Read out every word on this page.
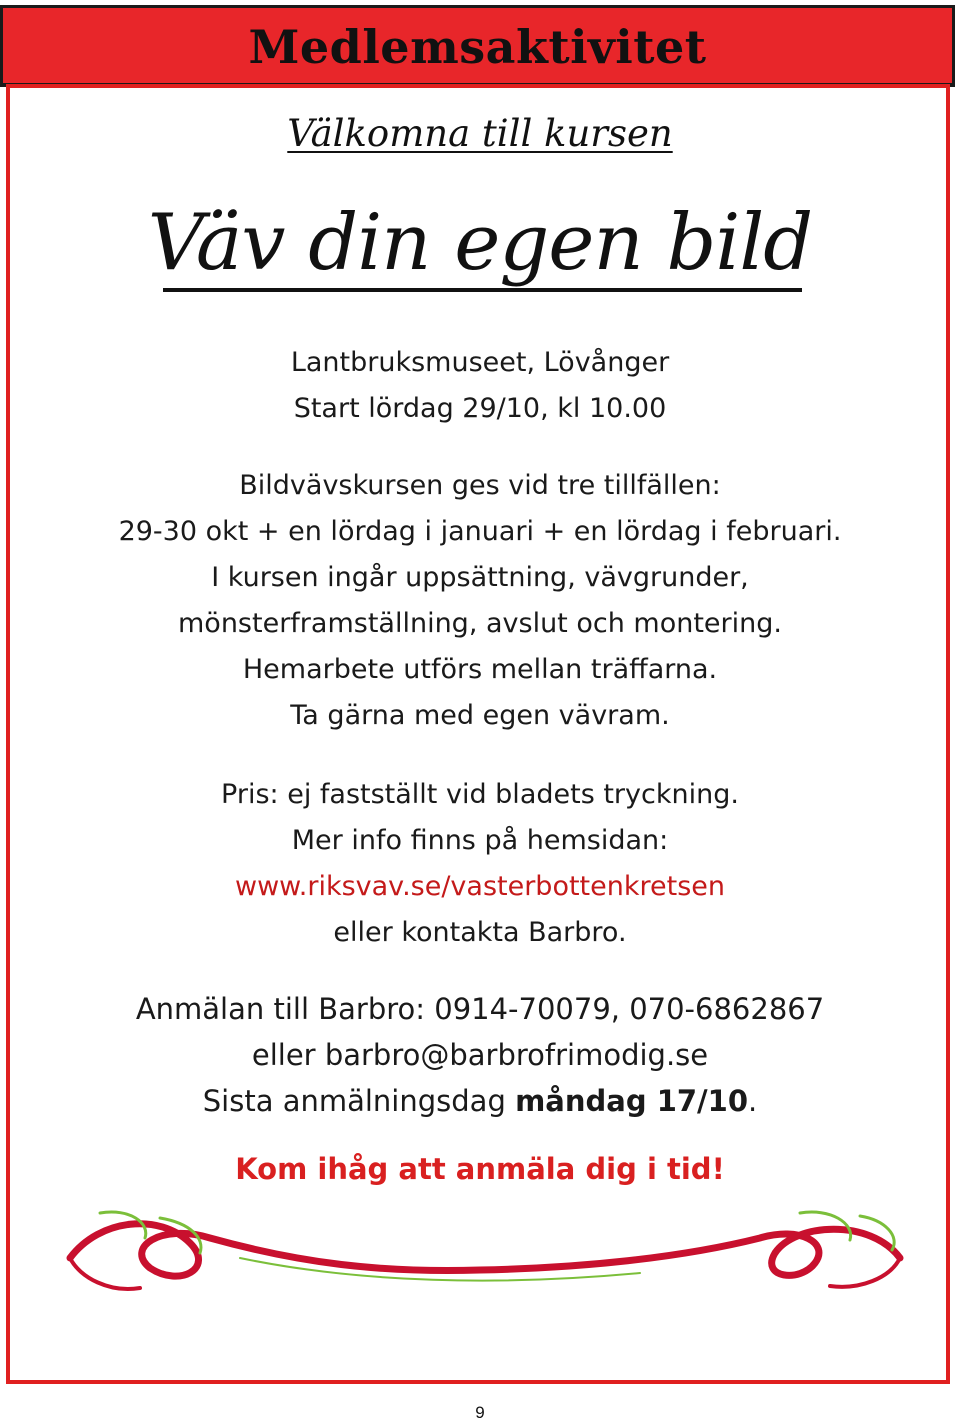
Medlemsaktivitet
Välkomna till kursen
Väv din egen bild

Lantbruksmuseet, Lövånger

Start lördag 29/10, kl 10.00

Bildvävskursen ges vid tre tillfällen:

29-30 okt + en lördag i januari + en lördag i februari.

I kursen ingår uppsättning, vävgrunder,

mönsterframställning, avslut och montering.

Hemarbete utförs mellan träffarna.

Ta gärna med egen vävram.

Pris: ej fastställt vid bladets tryckning.

Mer info finns på hemsidan:

www.riksvav.se/vasterbottenkretsen

eller kontakta Barbro.

Anmälan till Barbro: 0914-70079, 070-6862867

eller barbro@barbrofrimodig.se

Sista anmälningsdag måndag 17/10.

Kom ihåg att anmäla dig i tid!
9
